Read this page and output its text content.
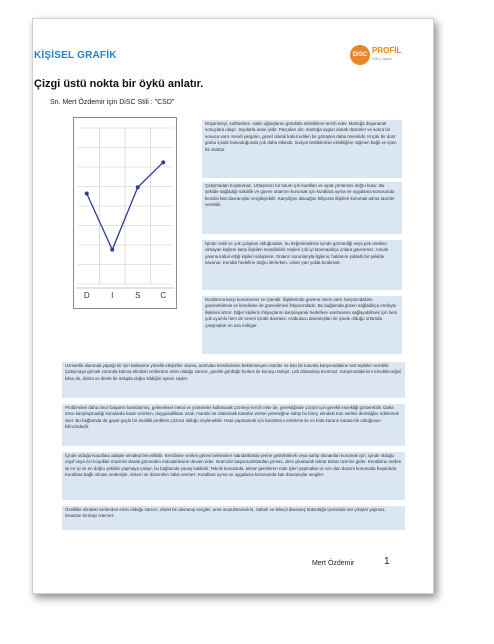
KİŞİSEL GRAFİK	DiSC PROFİL
DiSC ölçek
Çizgi üstü nokta bir öykü anlatır.
Sn. Mert Özdemir için DiSC Stili : "CSD"
D	I	S C
Düşünmeyi, sohbetlere, sakin uğraşlarını gürültülü etkinliklere tercih eder. Mantığa dayanarak sonuçlara ulaşır. Sayılarla arası iyidir. Parçaları alır, mantığa uygun olarak düzenler ve sonra bir sonuca varır. Kendi yargıları, genel olarak kabul edilen bir görüşten daha önemlidir. Küçük bir dost grubu içinde bulunduğunda çok daha etkindir. Sosyal niteliklerinin eksikliğine rağmen bağlı ve içten bir dosttur.
Çatışmadan hoşlanmaz. Uzlaşmacı bir tutum için kuralları ve ispat yöntemini doğru bulur. Bu şekilde sağladığı sakinlik ve güven ortamını korumak için kurallara uyma ve uygulama konusunda kendisi katı davranışlar sergileyebilir. Karşılığını alacağını biliyorsa ilişkileri korumak adına tavizler verebilir.
İşinde ciddi ve çok çalışkan olduğundan, bu değerlendirme içinde görmediği veya pek üretken olmayan kişilere karşı ilişkileri mesafelidir. Kişileri çok iyi tanımadıkça onlara güvenmez. Ancak yanına kabul ettiği kişileri sahiplenir. Onların sorunlarıyla ilgilenir, haklarını şiddetli bir şekilde savunur. Kendisi hedefine doğru ilerlerken, onları yarı yolda bırakmaz.
Dostlarına karşı konuksever ve içtendir. İlişkilerinde güvene önem verir. karşısındakine güvenebilmek ve kendisine de güvenilmesi ihtiyacındadır. Bu bağlamda güven sağladıkça etrafıyla ilişkisini artırır. Diğer kişilerin ihtiyaçlarını karşılayarak hedeflere varılmasını sağlayabilmek için hem çok uyumlu hem de özveri içinde davranır. Arabulucu davranışları ile içinde olduğu ortamda çatışmaları en aza indirger.
Uzmanlık alanında yaptığı bir işin kalitesine yönelik eleştiriler olursa, ardından kendisinden beklenmeyen otoriter ve katı bir tutumla karşısındakine sert tepkiler verebilir. Çatışmaya girmek zorunda kalırsa elindeki verilerden emin olduğu sürece, gerekli gördüğü herkes ile konuyu tartışır. Lafı dolandırıp kıvırmaz. Karşısındakinin incinebileceğini bilse de, dobra ve direkt bir üslupla doğru bildiğini aynen söyler.
Problemleri daha önce başarısı kanıtlanmış, geleneksel metot ve yöntemler kullanarak çözmeyi tercih etse de, gerektiğinde çözüm için gerekli esnekliği gösterebilir. Daha önce karşılaşmadığı konularda karar verirken, duygusallıktan uzak, mantıki ve sistematik kararlar verme yeteneğine sahip bu birey, elindeki tüm verileri derinliğine irdelemek ister. Bu bağlamda da gayet güçlü bir analitik problem çözücü olduğu söylenebilir. Hata yapmamak için kararlarını erteleme ile en kötü kararın karasızlık olduğunun bilincindedir.
İçinde olduğu koşullara adapte olmakta becerikldir. Kendisine verilen görevi beklenilen standartlarda yerine getirebilmek veya sahip olunanları korumak için, içinde olduğu zayıf veya zor koşulları mazeret olarak görmeden mücadelesine devam eder. Israrcıdır başarısızlıklardan yılmaz, ders çıkartarak tekrar tekrar üzerine gider. Kendisine verilen işi en iyi ve en doğru şekilde yapmaya çalışır, bu bağlamda yavaş kalabilir. Teknik konularda, tekrar gerektiren rutin işleri yapmakta ve var olan düzeni korumada başarılıdır. Kurallara bağlı olması nedeniyle, sistem ve düzenden ödün vermez. Kurallara uyma ve uygulama konusunda katı davranışlar sergiler.
Özellikle elindeki verilerden emin olduğu sürece, direkt bir davranış sergiler, ama unutulmamalı ki, Sabırlı ve bilinçli davranış bütünlüğü içerisinde ani çıkışlar yapmaz, insanları kırmayı istemez.
Mert Özdemir	1
